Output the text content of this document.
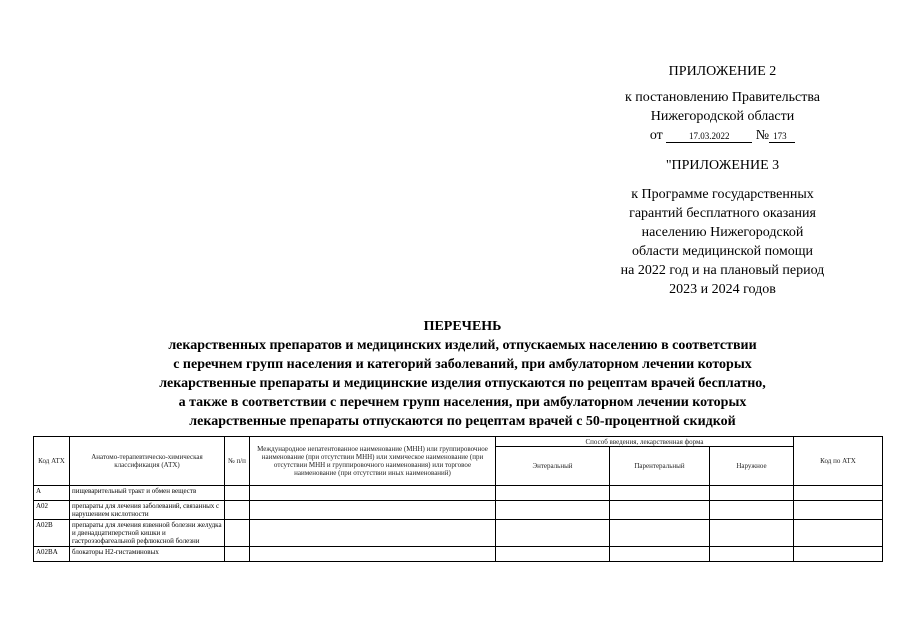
ПРИЛОЖЕНИЕ 2
к постановлению Правительства
Нижегородской области
от	17.03.2022 № 173
"ПРИЛОЖЕНИЕ 3
к Программе государственных
гарантий бесплатного оказания
населению Нижегородской
области медицинской помощи
на 2022 год и на плановый период
2023 и 2024 годов
ПЕРЕЧЕНЬ
лекарственных препаратов и медицинских изделий, отпускаемых населению в соответствии
с перечнем групп населения и категорий заболеваний, при амбулаторном лечении которых
лекарственные препараты и медицинские изделия отпускаются по рецептам врачей бесплатно,
а также в соответствии с перечнем групп населения, при амбулаторном лечении которых
лекарственные препараты отпускаются по рецептам врачей с 50-процентной скидкой
Код АТХ	Анатомо-терапевтическо-химическая классификация (АТХ)	№ п/п	Международное непатентованное наименование (МНН) или группировочное наименование (при отсутствии МНН) или химическое наименование (при отсутствии МНН и группировочного наименования) или торговое наименование (при отсутствии иных наименований)	Способ введения, лекарственная форма			Код по АТХ
				Энтеральный	Парентеральный	Наружное	
A	пищеварительный тракт и обмен веществ						
A02	препараты для лечения заболеваний, связанных с нарушением кислотности						
A02B	препараты для лечения язвенной болезни желудка и двенадцатиперстной кишки и гастроэзофагеальной рефлюксной болезни						
A02BA	блокаторы H2-гистаминовых						
